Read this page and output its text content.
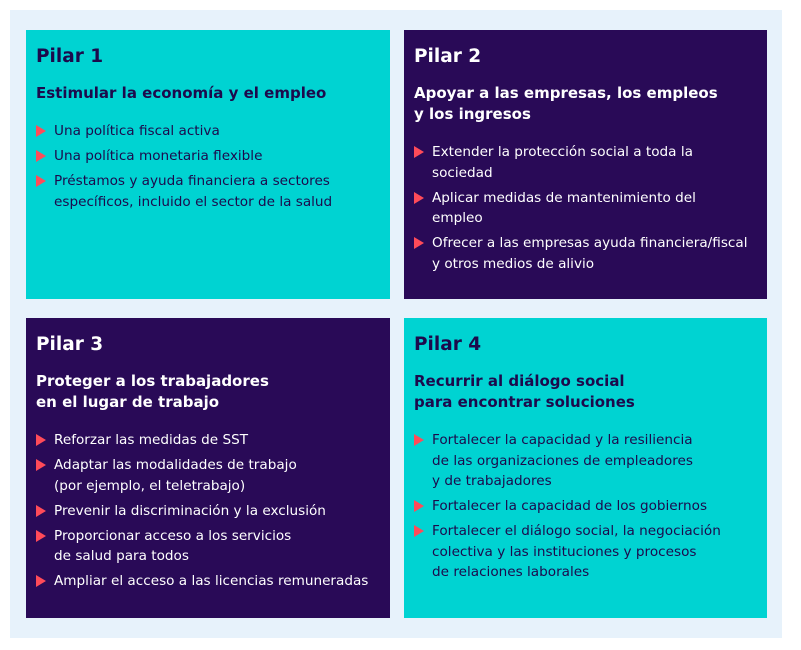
Pilar 1
Estimular la economía y el empleo
Una política fiscal activa
Una política monetaria flexible
Préstamos y ayuda financiera a sectores
específicos, incluido el sector de la salud
Pilar 2
Apoyar a las empresas, los empleos
y los ingresos
Extender la protección social a toda la
sociedad
Aplicar medidas de mantenimiento del
empleo
Ofrecer a las empresas ayuda financiera/fiscal
y otros medios de alivio
Pilar 3
Proteger a los trabajadores
en el lugar de trabajo
Reforzar las medidas de SST
Adaptar las modalidades de trabajo
(por ejemplo, el teletrabajo)
Prevenir la discriminación y la exclusión
Proporcionar acceso a los servicios
de salud para todos
Ampliar el acceso a las licencias remuneradas
Pilar 4
Recurrir al diálogo social
para encontrar soluciones
Fortalecer la capacidad y la resiliencia
de las organizaciones de empleadores
y de trabajadores
Fortalecer la capacidad de los gobiernos
Fortalecer el diálogo social, la negociación
colectiva y las instituciones y procesos
de relaciones laborales
